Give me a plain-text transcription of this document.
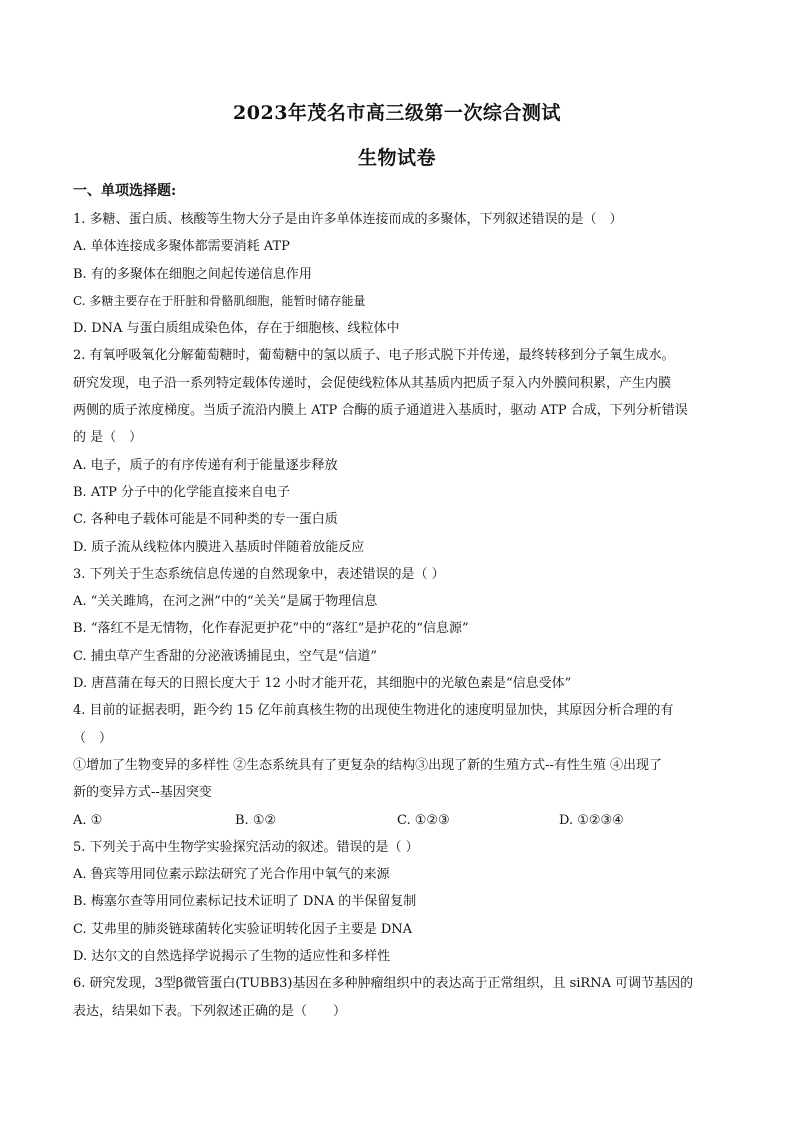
2023年茂名市高三级第一次综合测试
生物试卷
一、单项选择题:
1. 多糖、蛋白质、核酸等生物大分子是由许多单体连接而成的多聚体，下列叙述错误的是（　）
A. 单体连接成多聚体都需要消耗 ATP
B. 有的多聚体在细胞之间起传递信息作用
C. 多糖主要存在于肝脏和骨骼肌细胞，能暂时储存能量
D. DNA 与蛋白质组成染色体，存在于细胞核、线粒体中
2. 有氧呼吸氧化分解葡萄糖时，葡萄糖中的氢以质子、电子形式脱下并传递，最终转移到分子氧生成水。
研究发现，电子沿一系列特定载体传递时，会促使线粒体从其基质内把质子泵入内外膜间积累，产生内膜
两侧的质子浓度梯度。当质子流沿内膜上 ATP 合酶的质子通道进入基质时，驱动 ATP 合成，下列分析错误
的 是（　）
A. 电子，质子的有序传递有利于能量逐步释放
B. ATP 分子中的化学能直接来自电子
C. 各种电子载体可能是不同种类的专一蛋白质
D. 质子流从线粒体内膜进入基质时伴随着放能反应
3. 下列关于生态系统信息传递的自然现象中，表述错误的是（ ）
A. “关关雎鸠，在河之洲”中的“关关”是属于物理信息
B. “落红不是无情物，化作春泥更护花”中的“落红”是护花的“信息源”
C. 捕虫草产生香甜的分泌液诱捕昆虫，空气是“信道”
D. 唐菖蒲在每天的日照长度大于 12 小时才能开花，其细胞中的光敏色素是“信息受体”
4. 目前的证据表明，距今约 15 亿年前真核生物的出现使生物进化的速度明显加快，其原因分析合理的有
（　）
①增加了生物变异的多样性 ②生态系统具有了更复杂的结构③出现了新的生殖方式--有性生殖 ④出现了
新的变异方式--基因突变
A. ①	B. ①②	C. ①②③	D. ①②③④
5. 下列关于高中生物学实验探究活动的叙述。错误的是（ ）
A. 鲁宾等用同位素示踪法研究了光合作用中氧气的来源
B. 梅塞尔查等用同位素标记技术证明了 DNA 的半保留复制
C. 艾弗里的肺炎链球菌转化实验证明转化因子主要是 DNA
D. 达尔文的自然选择学说揭示了生物的适应性和多样性
6. 研究发现，3型β微管蛋白(TUBB3)基因在多种肿瘤组织中的表达高于正常组织，且 siRNA 可调节基因的
表达，结果如下表。下列叙述正确的是（　　）
